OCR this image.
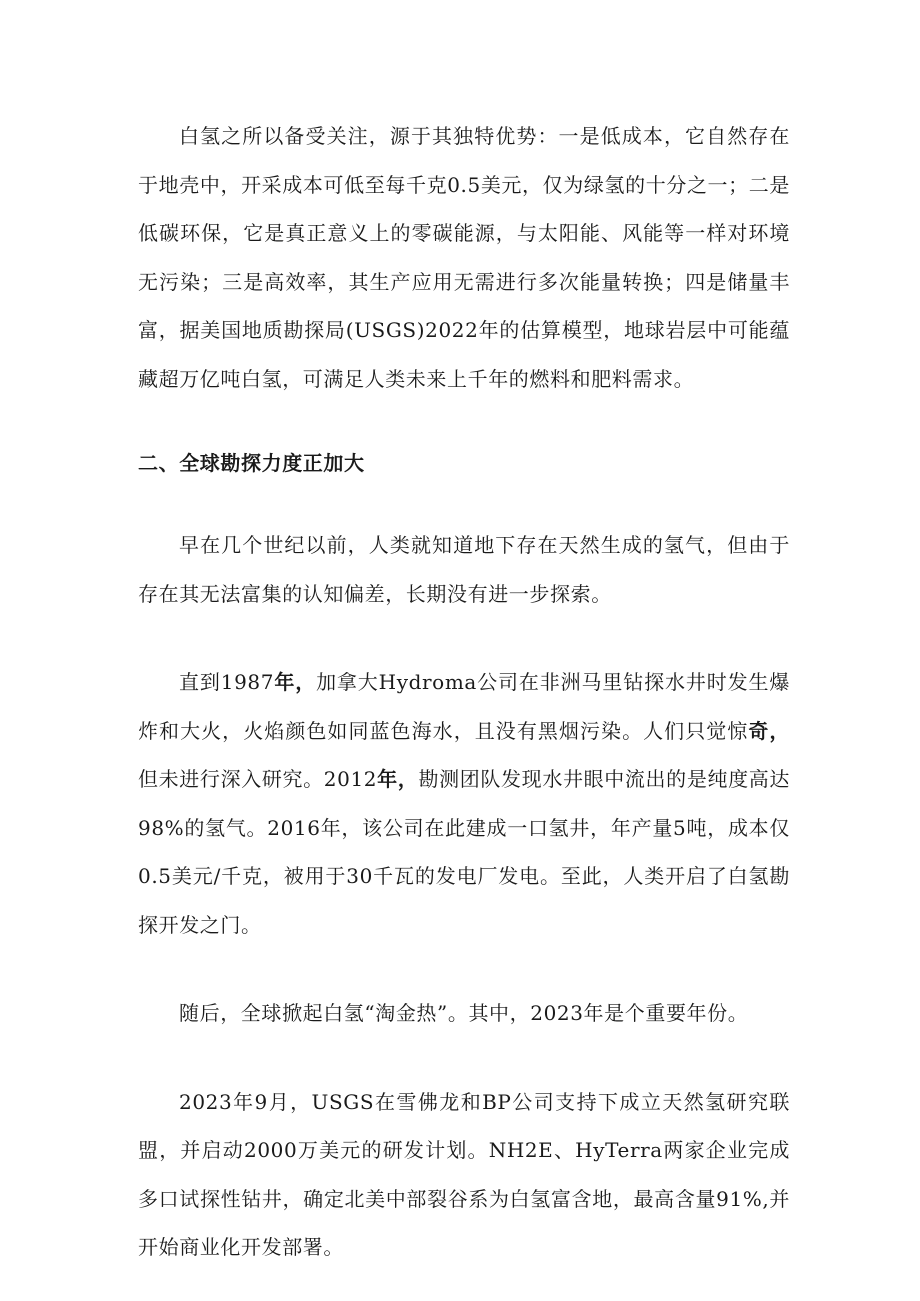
白氢之所以备受关注，源于其独特优势：一是低成本，它自然存在于地壳中，开采成本可低至每千克0.5美元，仅为绿氢的十分之一；二是低碳环保，它是真正意义上的零碳能源，与太阳能、风能等一样对环境无污染；三是高效率，其生产应用无需进行多次能量转换；四是储量丰富，据美国地质勘探局(USGS)2022年的估算模型，地球岩层中可能蕴藏超万亿吨白氢，可满足人类未来上千年的燃料和肥料需求。

二、全球勘探力度正加大

早在几个世纪以前，人类就知道地下存在天然生成的氢气，但由于存在其无法富集的认知偏差，长期没有进一步探索。

直到1987年，加拿大Hydroma公司在非洲马里钻探水井时发生爆炸和大火，火焰颜色如同蓝色海水，且没有黑烟污染。人们只觉惊奇，但未进行深入研究。2012年，勘测团队发现水井眼中流出的是纯度高达98%的氢气。2016年，该公司在此建成一口氢井，年产量5吨，成本仅0.5美元/千克，被用于30千瓦的发电厂发电。至此，人类开启了白氢勘探开发之门。

随后，全球掀起白氢“淘金热”。其中，2023年是个重要年份。

2023年9月，USGS在雪佛龙和BP公司支持下成立天然氢研究联盟，并启动2000万美元的研发计划。NH2E、HyTerra两家企业完成多口试探性钻井，确定北美中部裂谷系为白氢富含地，最高含量91%,并开始商业化开发部署。
